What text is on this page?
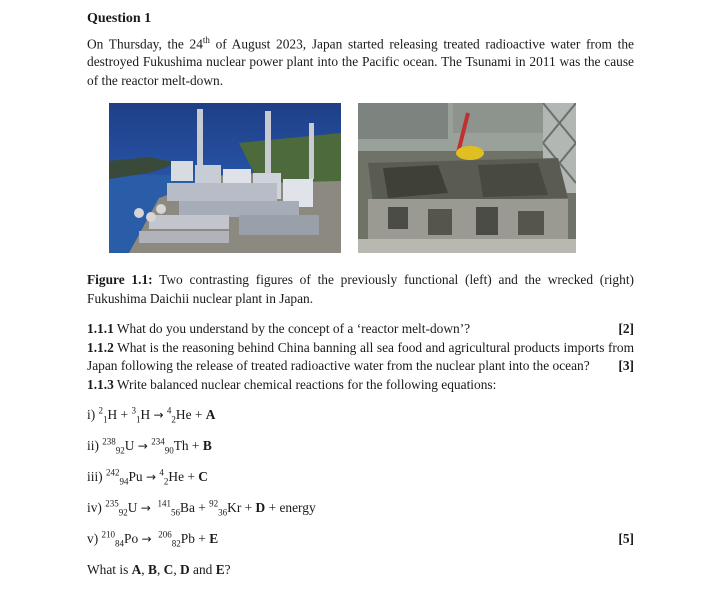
Question 1

On Thursday, the 24th of August 2023, Japan started releasing treated radioactive water from the destroyed Fukushima nuclear power plant into the Pacific ocean. The Tsunami in 2011 was the cause of the reactor melt-down.

Figure 1.1: Two contrasting figures of the previously functional (left) and the wrecked (right) Fukushima Daichii nuclear plant in Japan.
[2]
1.1.1 What do you understand by the concept of a ‘reactor melt-down’?
1.1.2 What is the reasoning behind China banning all sea food and agricultural products imports from Japan following the release of treated radioactive water from the nuclear plant into the ocean? [3]
1.1.3 Write balanced nuclear chemical reactions for the following equations:
i) $^2_1$H + $^3_1$H → $^4_2$He + A
ii) $^{238}_{92}$U → $^{234}_{90}$Th + B
iii) $^{242}_{94}$Pu → $^4_2$He + C
iv) $^{235}_{92}$U → $^{141}_{56}$Ba + $^{92}_{36}$Kr + D + energy
[5]
v) $^{210}_{84}$Po → $^{206}_{82}$Pb + E
What is A, B, C, D and E?
